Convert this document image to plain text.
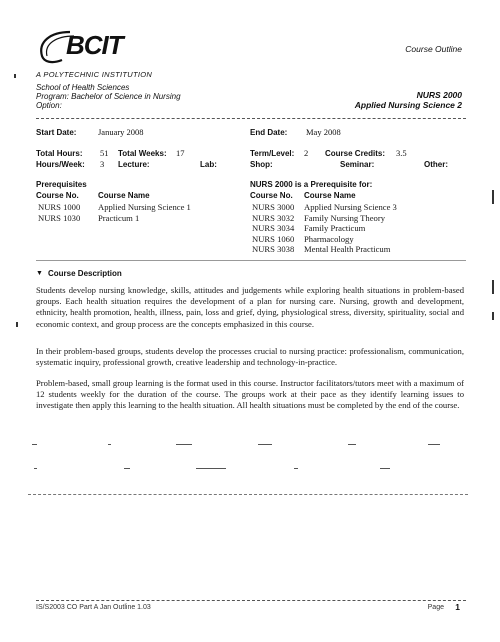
BCIT
A POLYTECHNIC INSTITUTION
Course Outline
School of Health Sciences
Program: Bachelor of Science in Nursing
Option:
NURS 2000
Applied Nursing Science 2
Start Date:	January 2008	End Date: May 2008
Total Hours: 51 Total Weeks: 17	Term/Level: 2 Course Credits: 3.5
Hours/Week: 3 Lecture:	Lab:	Shop:	Seminar:	Other:
Prerequisites
Course No. Course Name
NURS 1000	Applied Nursing Science 1
NURS 1030	Practicum 1
NURS 2000 is a Prerequisite for:
Course No. Course Name
NURS 3000	Applied Nursing Science 3
NURS 3032	Family Nursing Theory
NURS 3034	Family Practicum
NURS 1060	Pharmacology
NURS 3038	Mental Health Practicum
▼ Course Description
Students develop nursing knowledge, skills, attitudes and judgements while exploring health situations in problem-based groups. Each health situation requires the development of a plan for nursing care. Nursing, growth and development, ethnicity, health promotion, health, illness, pain, loss and grief, dying, physiological stress, diversity, spirituality, social and economic context, and group process are the concepts emphasized in this course.
In their problem-based groups, students develop the processes crucial to nursing practice: professionalism, communication, systematic inquiry, professional growth, creative leadership and technology-in-practice.
Problem-based, small group learning is the format used in this course. Instructor facilitators/tutors meet with a maximum of 12 students weekly for the duration of the course. The groups work at their pace as they identify learning issues to investigate then apply this learning to the health situation. All health situations must be completed by the end of the course.
IS/S2003 CO Part A Jan Outline 1.03	Page 1
